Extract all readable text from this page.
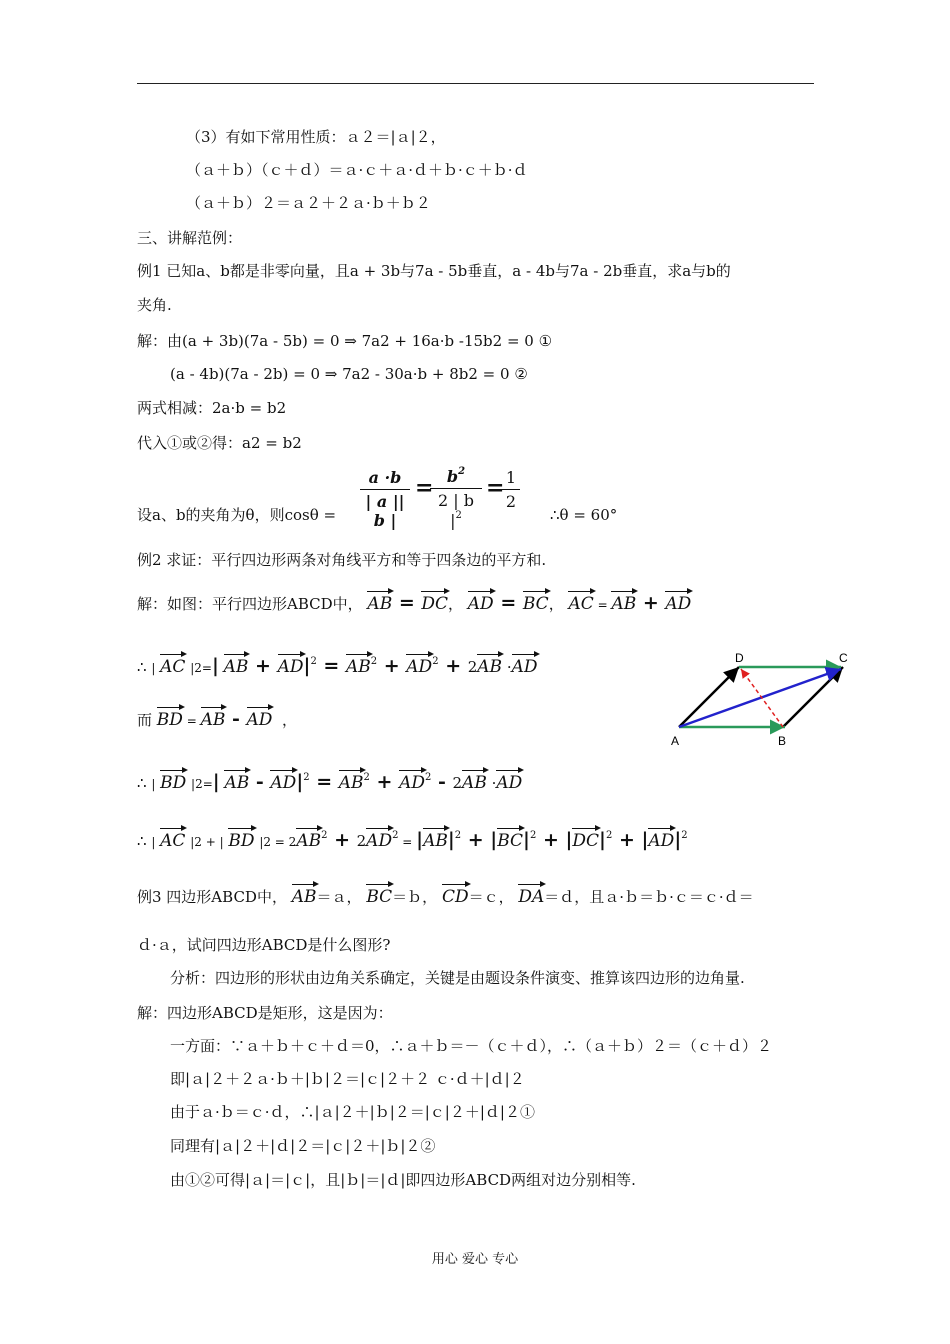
（3）有如下常用性质：ａ２＝|ａ|２，
（ａ＋ｂ）（ｃ＋ｄ）＝ａ·ｃ＋ａ·ｄ＋ｂ·ｃ＋ｂ·ｄ
（ａ＋ｂ）２＝ａ２＋２ａ·ｂ＋ｂ２
三、讲解范例：
例1 已知a、b都是非零向量，且a + 3b与7a - 5b垂直，a - 4b与7a - 2b垂直，求a与b的
夹角.
解：由(a + 3b)(7a - 5b) = 0 ⇒ 7a2 + 16a·b -15b2 = 0 ①
(a - 4b)(7a - 2b) = 0 ⇒ 7a2 - 30a·b + 8b2 = 0 ②
两式相减：2a·b = b2
代入①或②得：a2 = b2
设a、b的夹角为θ，则$\cos\theta = \frac{a \cdot b}{| a || b |}$ =
$\frac{b^2}{2 | b |^2}$ =
$\frac{1}{2}$
∴θ = 60°
例2 求证：平行四边形两条对角线平方和等于四条边的平方和.
解：如图：平行四边形ABCD中， AB = DC， AD = BC， AC = AB + AD
∴ | AC |2=| AB + $AD|^2 = AB^2 + AD^2 + 2AB \cdot AD$
而 BD = AB - AD  ，
∴ | BD |2=| AB - $AD|^2 = AB^2 + AD^2 - 2AB \cdot AD$
∴ | AC |2 + | BD $|2 = 2AB^2 + 2AD^2 = |AB|^2 + |BC|^2 + |DC|^2 + |AD|^2$
D	C
A	B
例3 四边形ABCD中， AB＝ａ， BC＝ｂ， CD＝ｃ， DA＝ｄ，且ａ·ｂ＝ｂ·ｃ＝ｃ·ｄ＝
ｄ·ａ，试问四边形ABCD是什么图形?
分析：四边形的形状由边角关系确定，关键是由题设条件演变、推算该四边形的边角量.
解：四边形ABCD是矩形，这是因为：
一方面：∵ａ＋ｂ＋ｃ＋ｄ＝0，∴ａ＋ｂ＝－（ｃ＋ｄ），∴（ａ＋ｂ）２＝（ｃ＋ｄ）２
即|ａ|２＋２ａ·ｂ＋|ｂ|２＝|ｃ|２＋２ ｃ·ｄ＋|ｄ|２
由于ａ·ｂ＝ｃ·ｄ，∴|ａ|２＋|ｂ|２＝|ｃ|２＋|ｄ|２①
同理有|ａ|２＋|ｄ|２＝|ｃ|２＋|ｂ|２②
由①②可得|ａ|＝|ｃ|，且|ｂ|＝|ｄ|即四边形ABCD两组对边分别相等.
用心 爱心 专心
